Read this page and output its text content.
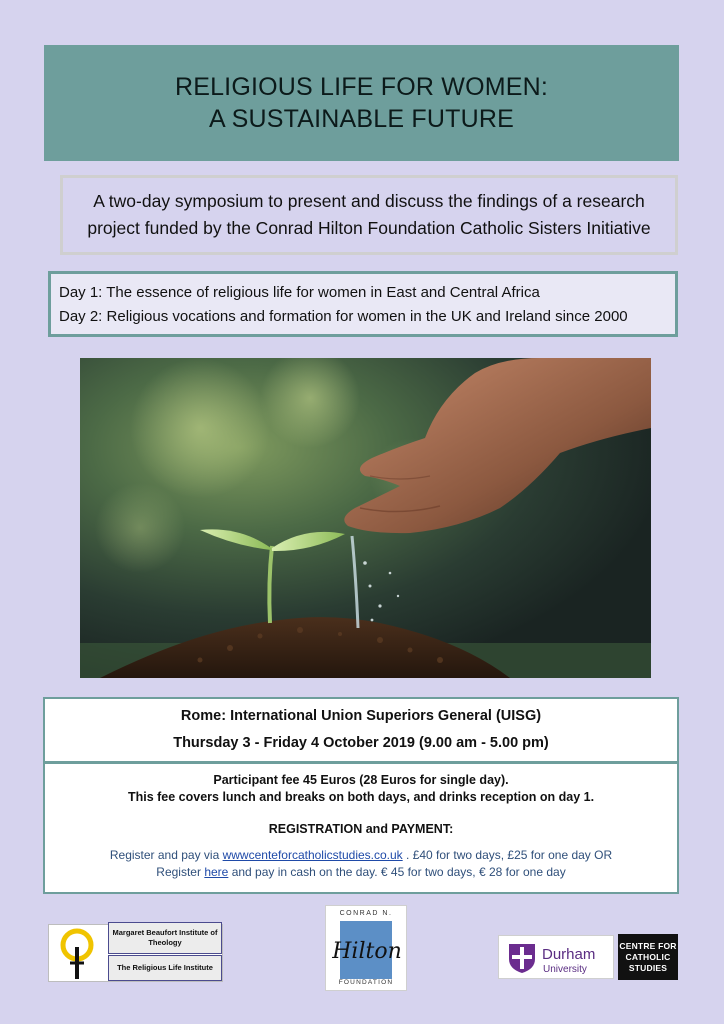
RELIGIOUS LIFE FOR WOMEN:
A SUSTAINABLE FUTURE
A two-day symposium to present and discuss the findings of a research
project funded by the Conrad Hilton Foundation Catholic Sisters Initiative
Day 1: The essence of religious life for women in East and Central Africa
Day 2: Religious vocations and formation for women in the UK and Ireland since 2000
Rome: International Union Superiors General (UISG)
Thursday 3 - Friday 4 October 2019 (9.00 am - 5.00 pm)
Participant fee 45 Euros (28 Euros for single day).
This fee covers lunch and breaks on both days, and drinks reception on day 1.
REGISTRATION and PAYMENT:
Register and pay via wwwcenteforcatholicstudies.co.uk . £40 for two days, £25 for one day OR
Register here and pay in cash on the day. € 45 for two days, € 28 for one day
Margaret Beaufort Institute of Theology
The Religious Life Institute
CONRAD N.
Hilton
FOUNDATION
Durham
University
CENTRE FOR
CATHOLIC
STUDIES
